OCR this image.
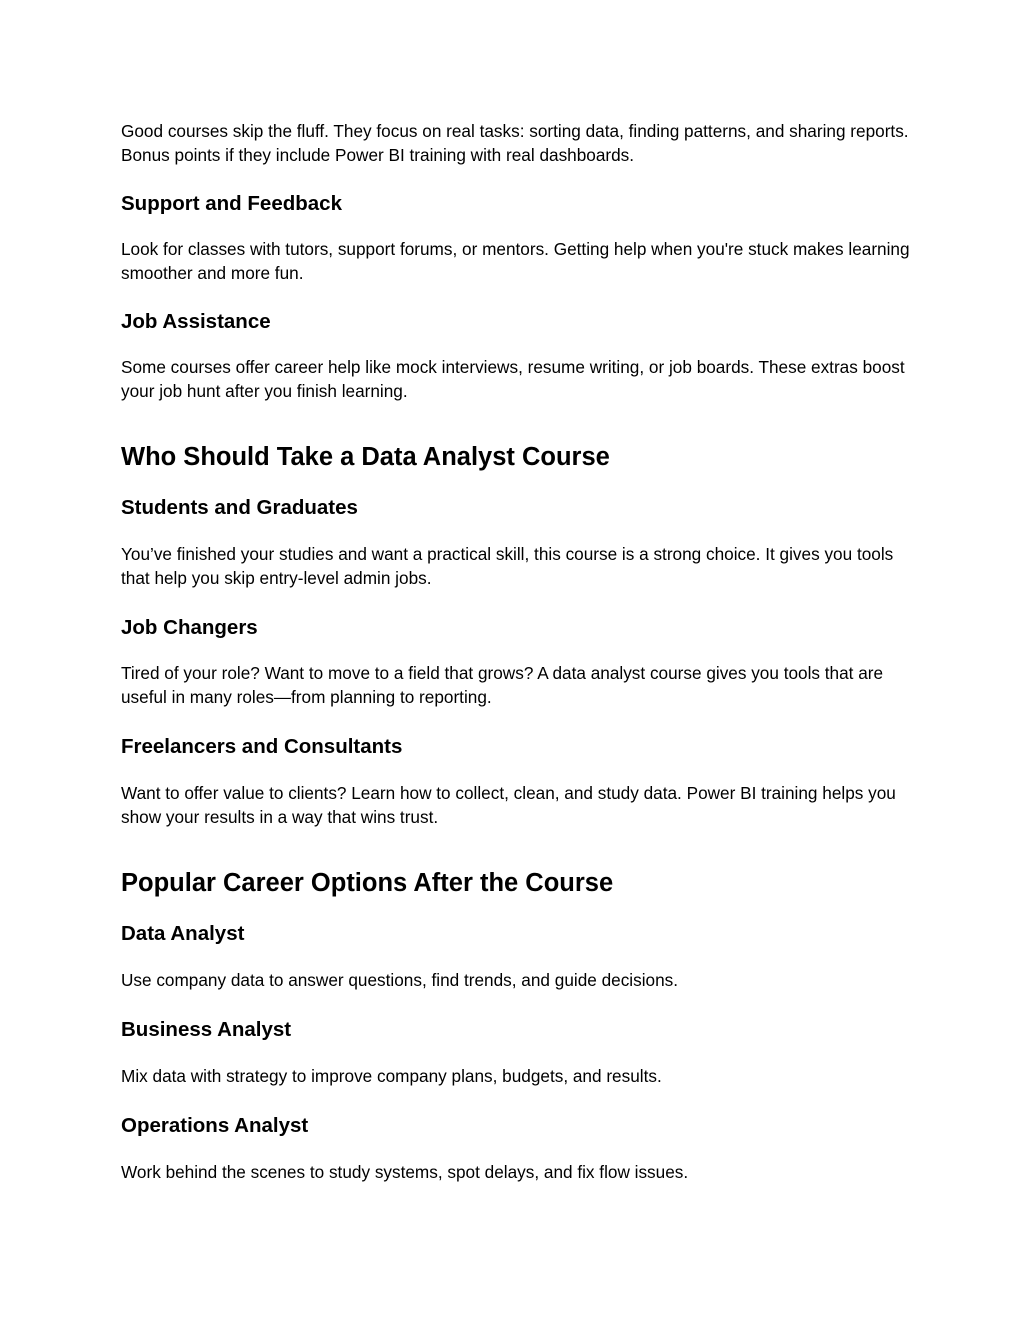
Good courses skip the fluff. They focus on real tasks: sorting data, finding patterns, and sharing reports. Bonus points if they include Power BI training with real dashboards.

Support and Feedback

Look for classes with tutors, support forums, or mentors. Getting help when you're stuck makes learning smoother and more fun.

Job Assistance

Some courses offer career help like mock interviews, resume writing, or job boards. These extras boost your job hunt after you finish learning.

Who Should Take a Data Analyst Course
Students and Graduates

You’ve finished your studies and want a practical skill, this course is a strong choice. It gives you tools that help you skip entry-level admin jobs.

Job Changers

Tired of your role? Want to move to a field that grows? A data analyst course gives you tools that are useful in many roles—from planning to reporting.

Freelancers and Consultants

Want to offer value to clients? Learn how to collect, clean, and study data. Power BI training helps you show your results in a way that wins trust.

Popular Career Options After the Course
Data Analyst

Use company data to answer questions, find trends, and guide decisions.

Business Analyst

Mix data with strategy to improve company plans, budgets, and results.

Operations Analyst

Work behind the scenes to study systems, spot delays, and fix flow issues.
